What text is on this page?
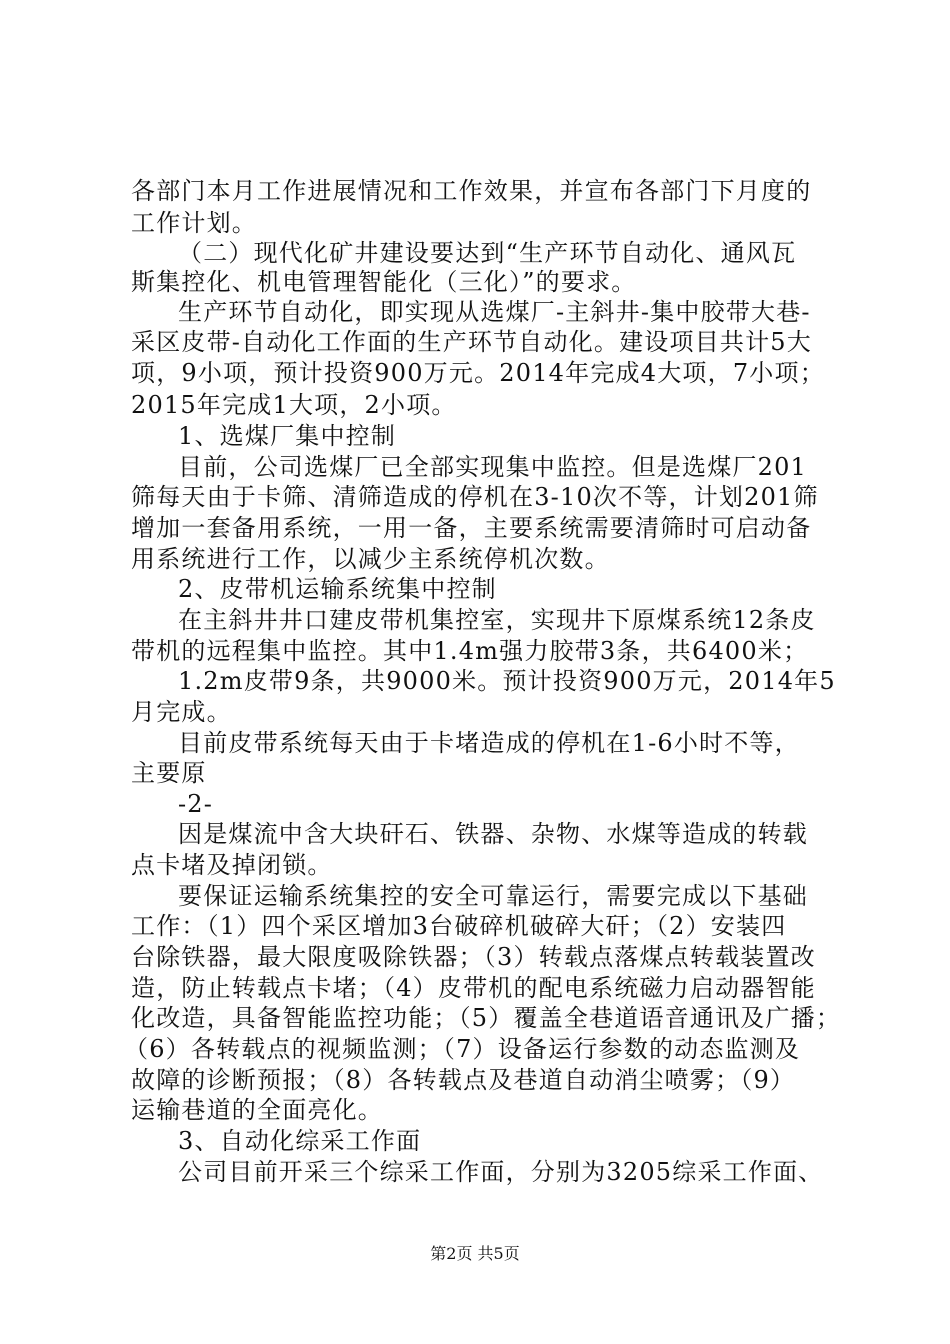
各部门本月工作进展情况和工作效果，并宣布各部门下月度的
工作计划。
（二）现代化矿井建设要达到“生产环节自动化、通风瓦
斯集控化、机电管理智能化（三化）”的要求。
生产环节自动化，即实现从选煤厂-主斜井-集中胶带大巷-
采区皮带-自动化工作面的生产环节自动化。建设项目共计5大
项，9小项，预计投资900万元。2014年完成4大项，7小项；
2015年完成1大项，2小项。
1、选煤厂集中控制
目前，公司选煤厂已全部实现集中监控。但是选煤厂201
筛每天由于卡筛、清筛造成的停机在3-10次不等，计划201筛
增加一套备用系统，一用一备，主要系统需要清筛时可启动备
用系统进行工作，以减少主系统停机次数。
2、皮带机运输系统集中控制
在主斜井井口建皮带机集控室，实现井下原煤系统12条皮
带机的远程集中监控。其中1.4m强力胶带3条，共6400米；
1.2m皮带9条，共9000米。预计投资900万元，2014年5
月完成。
目前皮带系统每天由于卡堵造成的停机在1-6小时不等，
主要原
-2-
因是煤流中含大块矸石、铁器、杂物、水煤等造成的转载
点卡堵及掉闭锁。
要保证运输系统集控的安全可靠运行，需要完成以下基础
工作：（1）四个采区增加3台破碎机破碎大矸；（2）安装四
台除铁器，最大限度吸除铁器；（3）转载点落煤点转载装置改
造，防止转载点卡堵；（4）皮带机的配电系统磁力启动器智能
化改造，具备智能监控功能；（5）覆盖全巷道语音通讯及广播；
（6）各转载点的视频监测；（7）设备运行参数的动态监测及
故障的诊断预报；（8）各转载点及巷道自动消尘喷雾；（9）
运输巷道的全面亮化。
3、自动化综采工作面
公司目前开采三个综采工作面，分别为3205综采工作面、
第2页 共5页
